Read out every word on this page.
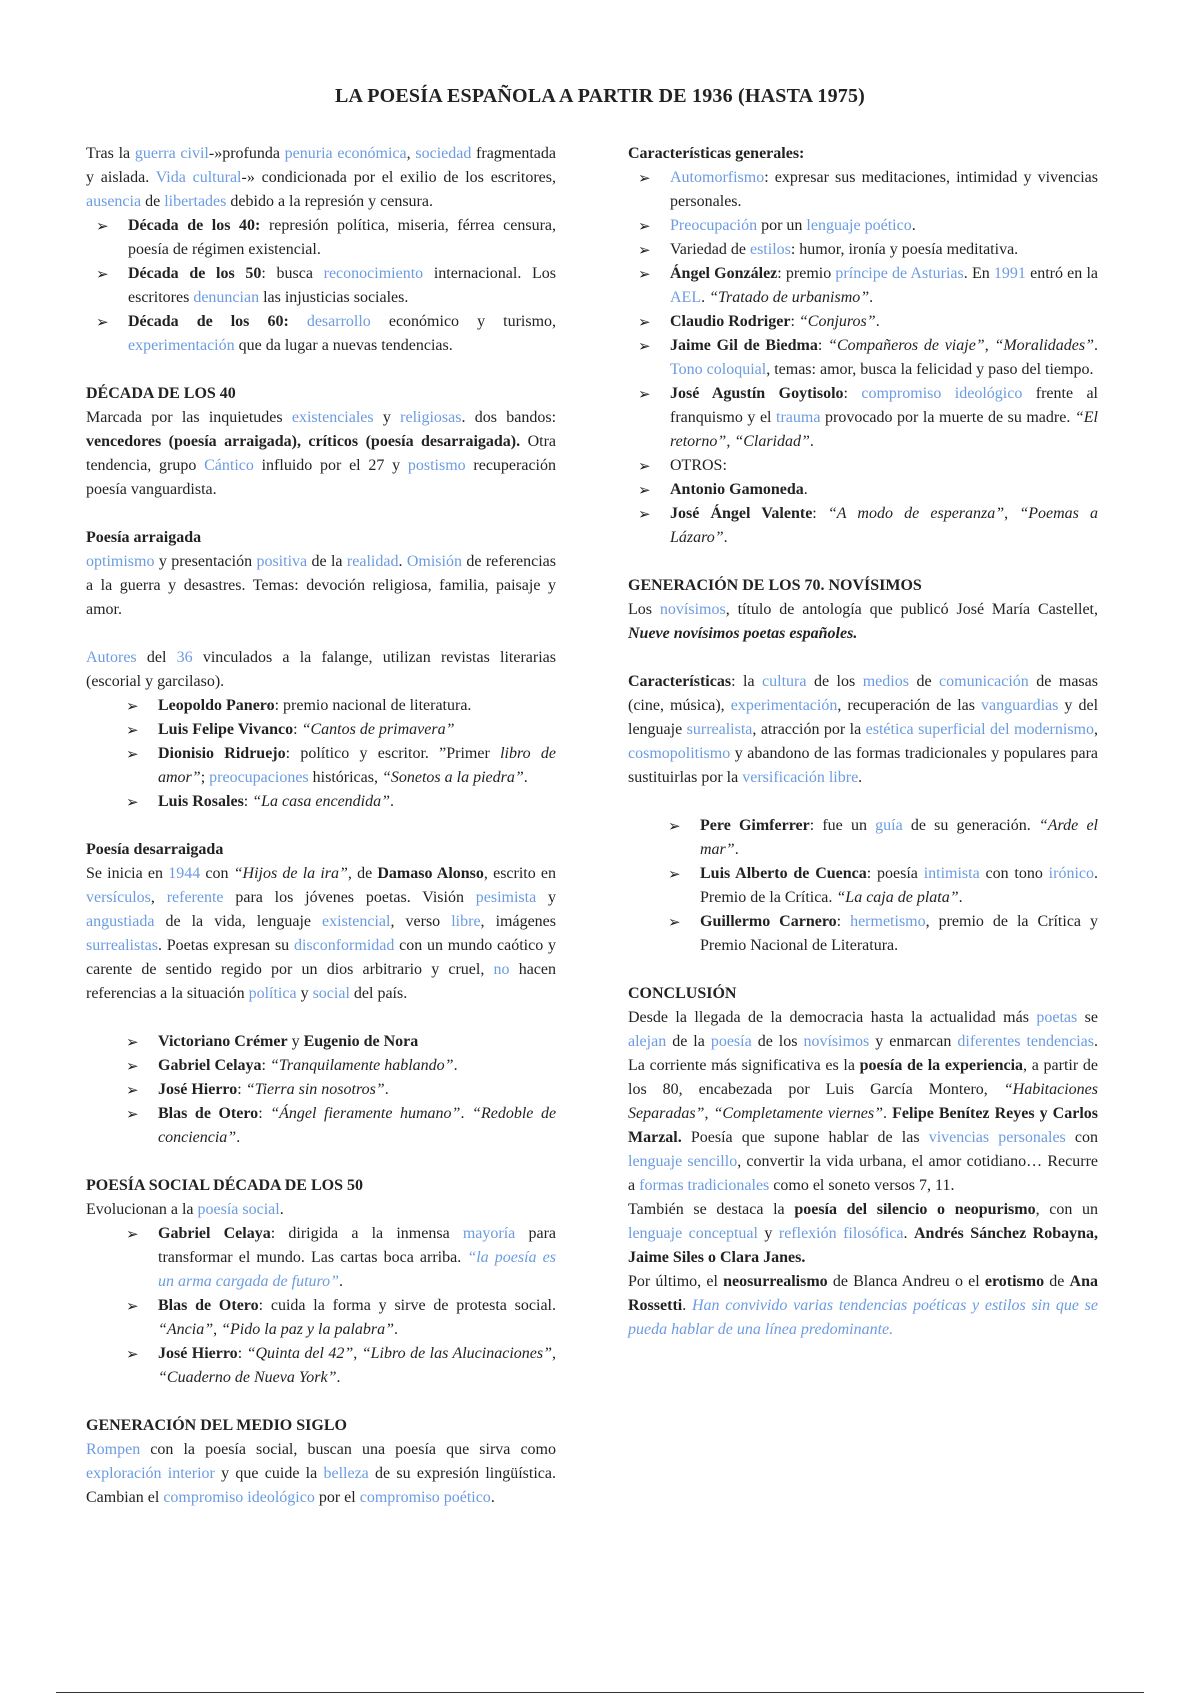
LA POESÍA ESPAÑOLA A PARTIR DE 1936 (HASTA 1975)

Tras la guerra civil-»profunda penuria económica, sociedad fragmentada y aislada. Vida cultural-» condicionada por el exilio de los escritores, ausencia de libertades debido a la represión y censura.

➢ Década de los 40: represión política, miseria, férrea censura, poesía de régimen existencial.
➢ Década de los 50: busca reconocimiento internacional. Los escritores denuncian las injusticias sociales.
➢ Década de los 60: desarrollo económico y turismo, experimentación que da lugar a nuevas tendencias.

DÉCADA DE LOS 40

Marcada por las inquietudes existenciales y religiosas. dos bandos: vencedores (poesía arraigada), críticos (poesía desarraigada). Otra tendencia, grupo Cántico influido por el 27 y postismo recuperación poesía vanguardista.

Poesía arraigada

optimismo y presentación positiva de la realidad. Omisión de referencias a la guerra y desastres. Temas: devoción religiosa, familia, paisaje y amor.

Autores del 36 vinculados a la falange, utilizan revistas literarias (escorial y garcilaso).

➢ Leopoldo Panero: premio nacional de literatura.
➢ Luis Felipe Vivanco: “Cantos de primavera”
➢ Dionisio Ridruejo: político y escritor. ”Primer libro de amor”; preocupaciones históricas, “Sonetos a la piedra”.
➢ Luis Rosales: “La casa encendida”.

Poesía desarraigada

Se inicia en 1944 con “Hijos de la ira”, de Damaso Alonso, escrito en versículos, referente para los jóvenes poetas. Visión pesimista y angustiada de la vida, lenguaje existencial, verso libre, imágenes surrealistas. Poetas expresan su disconformidad con un mundo caótico y carente de sentido regido por un dios arbitrario y cruel, no hacen referencias a la situación política y social del país.

➢ Victoriano Crémer y Eugenio de Nora
➢ Gabriel Celaya: “Tranquilamente hablando”.
➢ José Hierro: “Tierra sin nosotros”.
➢ Blas de Otero: “Ángel fieramente humano”. “Redoble de conciencia”.

POESÍA SOCIAL DÉCADA DE LOS 50

Evolucionan a la poesía social.

➢ Gabriel Celaya: dirigida a la inmensa mayoría para transformar el mundo. Las cartas boca arriba. “la poesía es un arma cargada de futuro”.
➢ Blas de Otero: cuida la forma y sirve de protesta social. “Ancia”, “Pido la paz y la palabra”.
➢ José Hierro: “Quinta del 42”, “Libro de las Alucinaciones”, “Cuaderno de Nueva York”.

GENERACIÓN DEL MEDIO SIGLO

Rompen con la poesía social, buscan una poesía que sirva como exploración interior y que cuide la belleza de su expresión lingüística. Cambian el compromiso ideológico por el compromiso poético.

Características generales:

➢ Automorfismo: expresar sus meditaciones, intimidad y vivencias personales.
➢ Preocupación por un lenguaje poético.
➢ Variedad de estilos: humor, ironía y poesía meditativa.
➢ Ángel González: premio príncipe de Asturias. En 1991 entró en la AEL. “Tratado de urbanismo”.
➢ Claudio Rodriger: “Conjuros”.
➢ Jaime Gil de Biedma: “Compañeros de viaje”, “Moralidades”. Tono coloquial, temas: amor, busca la felicidad y paso del tiempo.
➢ José Agustín Goytisolo: compromiso ideológico frente al franquismo y el trauma provocado por la muerte de su madre. “El retorno”, “Claridad”.
➢ OTROS:
➢ Antonio Gamoneda.
➢ José Ángel Valente: “A modo de esperanza”, “Poemas a Lázaro”.

GENERACIÓN DE LOS 70. NOVÍSIMOS

Los novísimos, título de antología que publicó José María Castellet, Nueve novísimos poetas españoles.

Características: la cultura de los medios de comunicación de masas (cine, música), experimentación, recuperación de las vanguardias y del lenguaje surrealista, atracción por la estética superficial del modernismo, cosmopolitismo y abandono de las formas tradicionales y populares para sustituirlas por la versificación libre.

➢ Pere Gimferrer: fue un guía de su generación. “Arde el mar”.
➢ Luis Alberto de Cuenca: poesía intimista con tono irónico. Premio de la Crítica. “La caja de plata”.
➢ Guillermo Carnero: hermetismo, premio de la Crítica y Premio Nacional de Literatura.

CONCLUSIÓN

Desde la llegada de la democracia hasta la actualidad más poetas se alejan de la poesía de los novísimos y enmarcan diferentes tendencias. La corriente más significativa es la poesía de la experiencia, a partir de los 80, encabezada por Luis García Montero, “Habitaciones Separadas”, “Completamente viernes”. Felipe Benítez Reyes y Carlos Marzal. Poesía que supone hablar de las vivencias personales con lenguaje sencillo, convertir la vida urbana, el amor cotidiano… Recurre a formas tradicionales como el soneto versos 7, 11.

También se destaca la poesía del silencio o neopurismo, con un lenguaje conceptual y reflexión filosófica. Andrés Sánchez Robayna, Jaime Siles o Clara Janes.

Por último, el neosurrealismo de Blanca Andreu o el erotismo de Ana Rossetti. Han convivido varias tendencias poéticas y estilos sin que se pueda hablar de una línea predominante.
